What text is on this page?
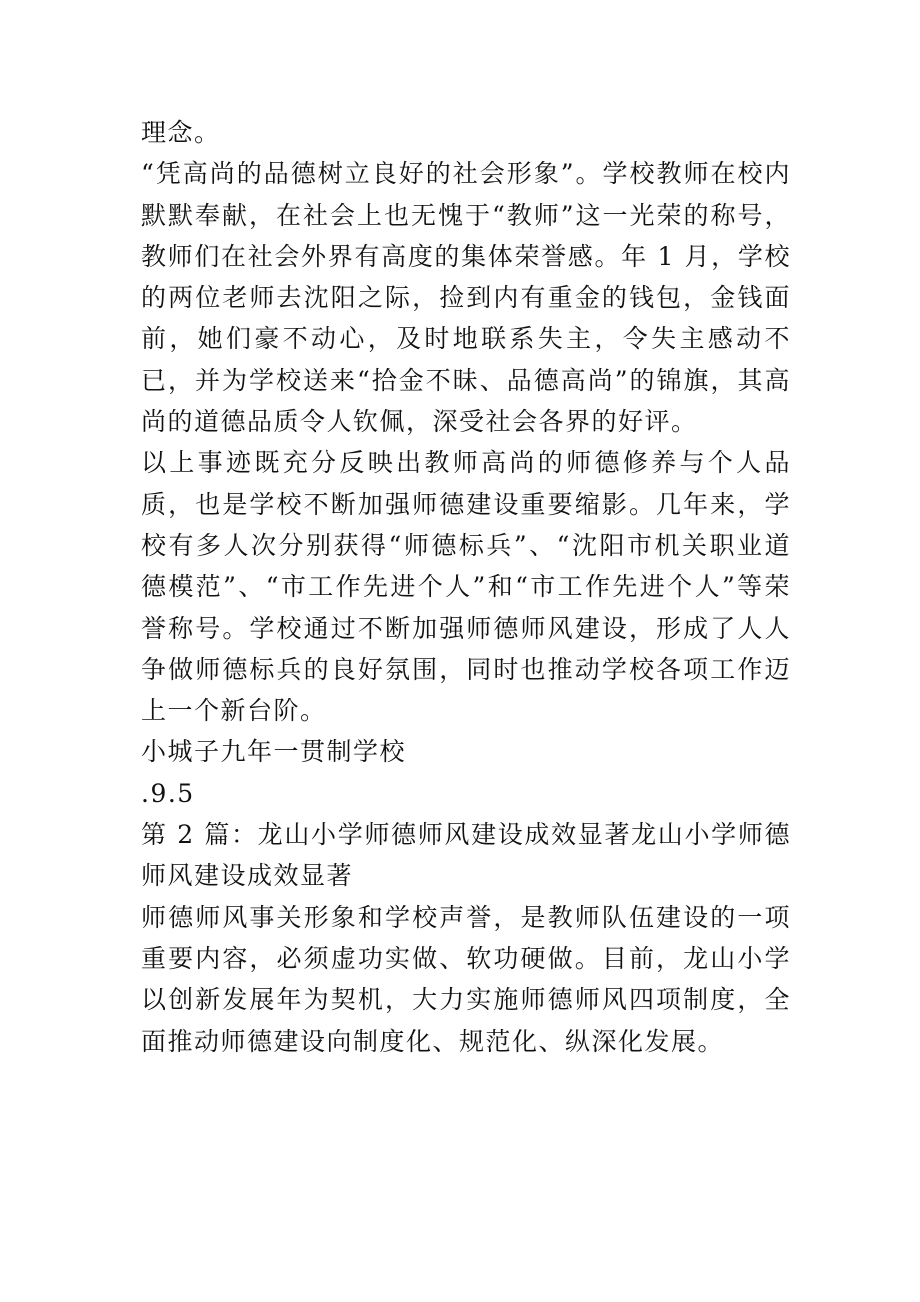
理念。

“凭高尚的品德树立良好的社会形象”。学校教师在校内默默奉献，在社会上也无愧于“教师”这一光荣的称号，教师们在社会外界有高度的集体荣誉感。年 1 月，学校的两位老师去沈阳之际，捡到内有重金的钱包，金钱面前，她们豪不动心，及时地联系失主，令失主感动不已，并为学校送来“拾金不昧、品德高尚”的锦旗，其高尚的道德品质令人钦佩，深受社会各界的好评。

以上事迹既充分反映出教师高尚的师德修养与个人品质，也是学校不断加强师德建设重要缩影。几年来，学校有多人次分别获得“师德标兵”、“沈阳市机关职业道德模范”、“市工作先进个人”和“市工作先进个人”等荣誉称号。学校通过不断加强师德师风建设，形成了人人争做师德标兵的良好氛围，同时也推动学校各项工作迈上一个新台阶。

小城子九年一贯制学校

.9.5

第 2 篇：龙山小学师德师风建设成效显著龙山小学师德师风建设成效显著

师德师风事关形象和学校声誉，是教师队伍建设的一项重要内容，必须虚功实做、软功硬做。目前，龙山小学以创新发展年为契机，大力实施师德师风四项制度，全面推动师德建设向制度化、规范化、纵深化发展。
